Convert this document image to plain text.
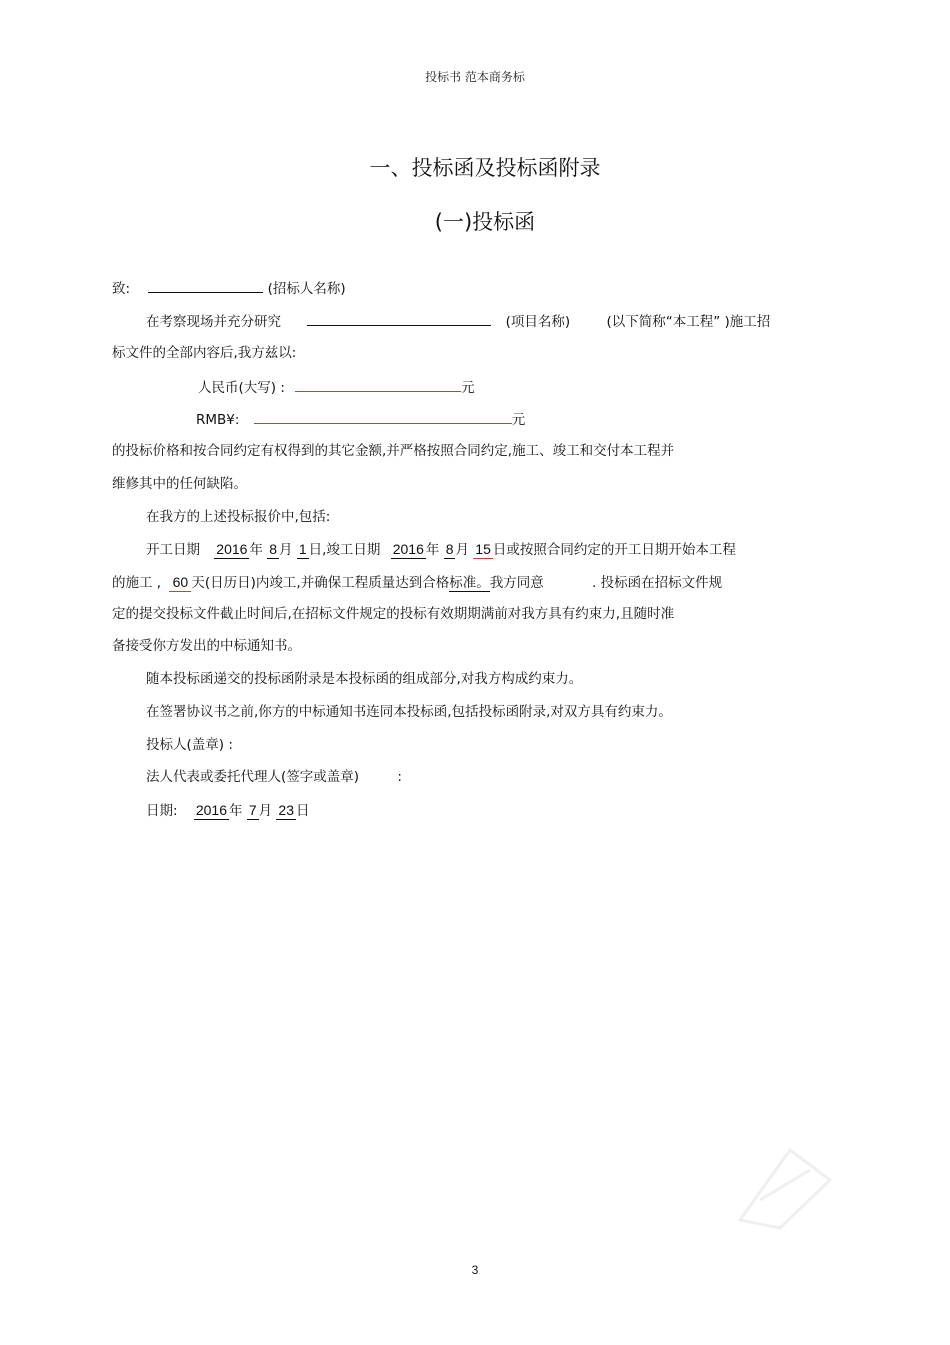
投标书 范本商务标
一、投标函及投标函附录
(一)投标函
致:	(招标人名称)
在考察现场并充分研究	(项目名称)	(以下简称“本工程” )施工招
标文件的全部内容后,我方兹以:
人民币(大写) :	元
RMB¥:	元
的投标价格和按合同约定有权得到的其它金额,并严格按照合同约定,施工、竣工和交付本工程并
维修其中的任何缺陷。
在我方的上述投标报价中,包括:
开工日期 2016 年 8 月 1 日,竣工日期 2016 年 8 月 15 日或按照合同约定的开工日期开始本工程
的施工 , 60 天(日历日)内竣工,并确保工程质量达到合格标准。我方同意	. 投标函在招标文件规
定的提交投标文件截止时间后,在招标文件规定的投标有效期期满前对我方具有约束力,且随时准
备接受你方发出的中标通知书。
随本投标函递交的投标函附录是本投标函的组成部分,对我方构成约束力。
在签署协议书之前,你方的中标通知书连同本投标函,包括投标函附录,对双方具有约束力。
投标人(盖章) :
法人代表或委托代理人(签字或盖章)	:
日期: 2016 年 7 月 23 日
3
